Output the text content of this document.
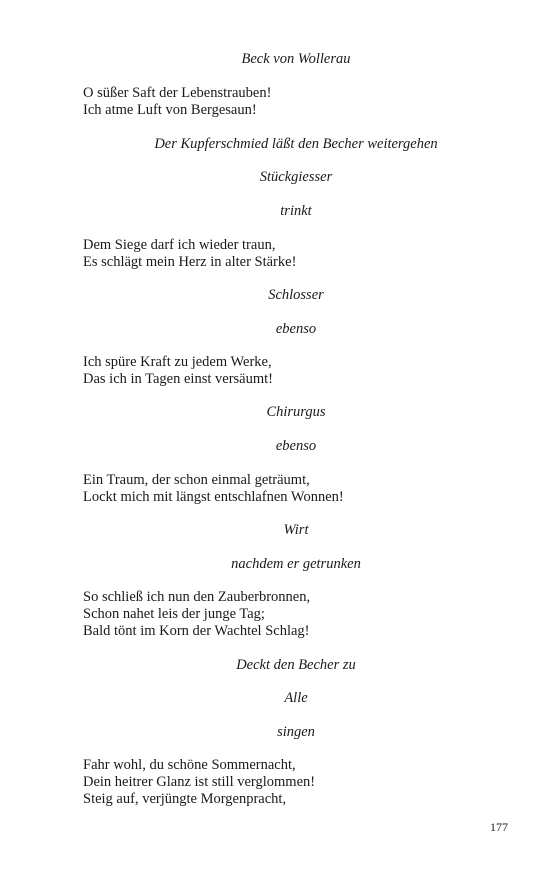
Beck von Wollerau
O süßer Saft der Lebenstrauben!
Ich atme Luft von Bergesaun!
Der Kupferschmied läßt den Becher weitergehen
Stückgiesser
trinkt
Dem Siege darf ich wieder traun,
Es schlägt mein Herz in alter Stärke!
Schlosser
ebenso
Ich spüre Kraft zu jedem Werke,
Das ich in Tagen einst versäumt!
Chirurgus
ebenso
Ein Traum, der schon einmal geträumt,
Lockt mich mit längst entschlafnen Wonnen!
Wirt
nachdem er getrunken
So schließ ich nun den Zauberbronnen,
Schon nahet leis der junge Tag;
Bald tönt im Korn der Wachtel Schlag!
Deckt den Becher zu
Alle
singen
Fahr wohl, du schöne Sommernacht,
Dein heitrer Glanz ist still verglommen!
Steig auf, verjüngte Morgenpracht,
177
